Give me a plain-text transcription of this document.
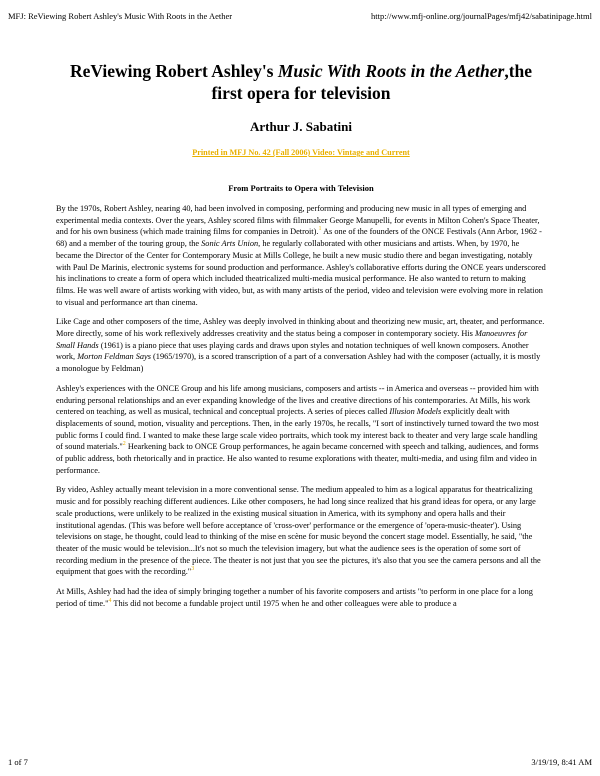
MFJ: ReViewing Robert Ashley's Music With Roots in the Aether	http://www.mfj-online.org/journalPages/mfj42/sabatinipage.html
ReViewing Robert Ashley's Music With Roots in the Aether,the first opera for television
Arthur J. Sabatini
Printed in MFJ No. 42 (Fall 2006) Video: Vintage and Current
From Portraits to Opera with Television

By the 1970s, Robert Ashley, nearing 40, had been involved in composing, performing and producing new music in all types of emerging and experimental media contexts. Over the years, Ashley scored films with filmmaker George Manupelli, for events in Milton Cohen's Space Theater, and for his own business (which made training films for companies in Detroit).$^1$ As one of the founders of the ONCE Festivals (Ann Arbor, 1962 - 68) and a member of the touring group, the Sonic Arts Union, he regularly collaborated with other musicians and artists. When, by 1970, he became the Director of the Center for Contemporary Music at Mills College, he built a new music studio there and began investigating, notably with Paul De Marinis, electronic systems for sound production and performance. Ashley's collaborative efforts during the ONCE years underscored his inclinations to create a form of opera which included theatricalized multi-media musical performance. He also wanted to return to making films. He was well aware of artists working with video, but, as with many artists of the period, video and television were evolving more in relation to visual and performance art than cinema.

Like Cage and other composers of the time, Ashley was deeply involved in thinking about and theorizing new music, art, theater, and performance. More directly, some of his work reflexively addresses creativity and the status being a composer in contemporary society. His Manoeuvres for Small Hands (1961) is a piano piece that uses playing cards and draws upon styles and notation techniques of well known composers. Another work, Morton Feldman Says (1965/1970), is a scored transcription of a part of a conversation Ashley had with the composer (actually, it is mostly a monologue by Feldman)

Ashley's experiences with the ONCE Group and his life among musicians, composers and artists -- in America and overseas -- provided him with enduring personal relationships and an ever expanding knowledge of the lives and creative directions of his contemporaries. At Mills, his work centered on teaching, as well as musical, technical and conceptual projects. A series of pieces called Illusion Models explicitly dealt with displacements of sound, motion, visuality and perceptions. Then, in the early 1970s, he recalls, "I sort of instinctively turned toward the two most public forms I could find. I wanted to make these large scale video portraits, which took my interest back to theater and very large scale handling of sound materials."$^2$ Hearkening back to ONCE Group performances, he again became concerned with speech and talking, audiences, and forms of public address, both rhetorically and in practice. He also wanted to resume explorations with theater, multi-media, and using film and video in performance.

By video, Ashley actually meant television in a more conventional sense. The medium appealed to him as a logical apparatus for theatricalizing music and for possibly reaching different audiences. Like other composers, he had long since realized that his grand ideas for opera, or any large scale productions, were unlikely to be realized in the existing musical situation in America, with its symphony and opera halls and their institutional agendas. (This was before well before acceptance of 'cross-over' performance or the emergence of 'opera-music-theater'). Using televisions on stage, he thought, could lead to thinking of the mise en scène for music beyond the concert stage model. Essentially, he said, "the theater of the music would be television...It's not so much the television imagery, but what the audience sees is the operation of some sort of recording medium in the presence of the piece. The theater is not just that you see the pictures, it's also that you see the camera persons and all the equipment that goes with the recording."$^3$

At Mills, Ashley had had the idea of simply bringing together a number of his favorite composers and artists "to perform in one place for a long period of time."$^4$ This did not become a fundable project until 1975 when he and other colleagues were able to produce a

1 of 7	3/19/19, 8:41 AM
